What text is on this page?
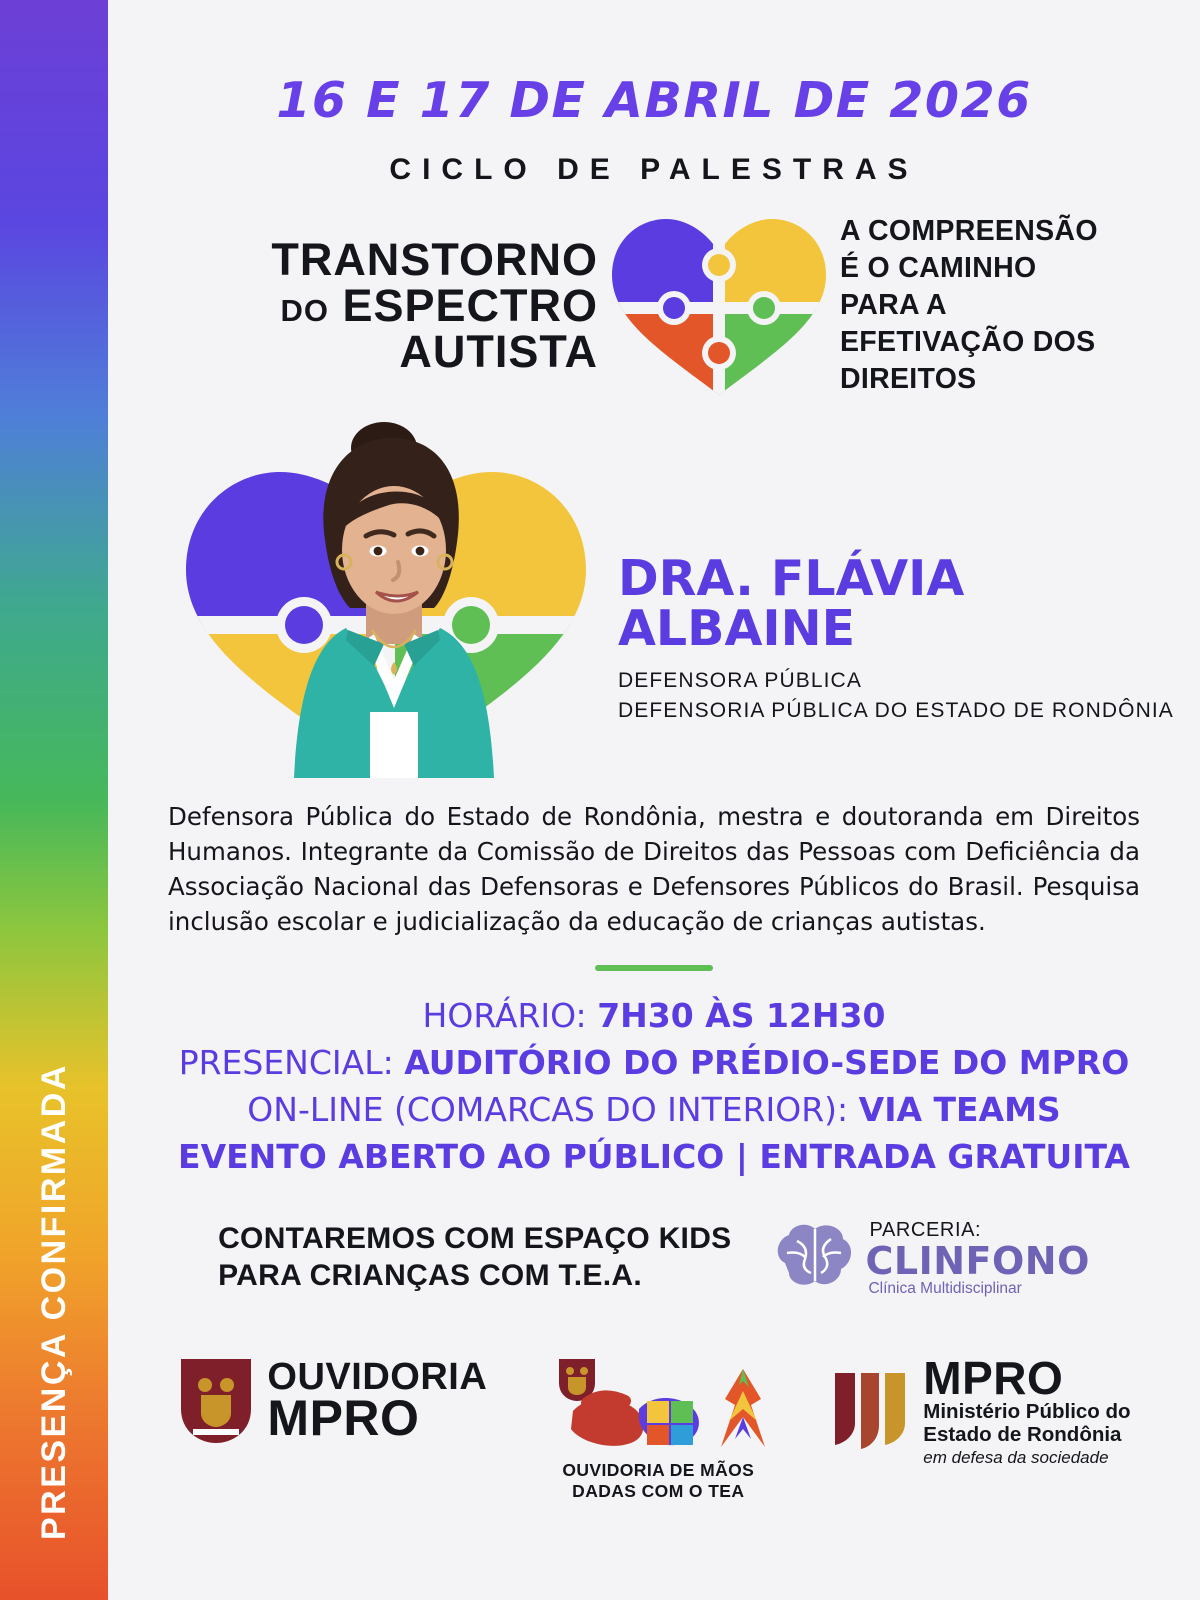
PRESENÇA CONFIRMADA
16 E 17 DE ABRIL DE 2026
CICLO DE PALESTRAS
TRANSTORNO
DO ESPECTRO
AUTISTA
A COMPREENSÃO É O CAMINHO PARA A EFETIVAÇÃO DOS DIREITOS
DRA. FLÁVIA
ALBAINE
DEFENSORA PÚBLICA
DEFENSORIA PÚBLICA DO ESTADO DE RONDÔNIA
Defensora Pública do Estado de Rondônia, mestra e doutoranda em Direitos Humanos. Integrante da Comissão de Direitos das Pessoas com Deficiência da Associação Nacional das Defensoras e Defensores Públicos do Brasil. Pesquisa inclusão escolar e judicialização da educação de crianças autistas.
HORÁRIO: 7H30 ÀS 12H30
PRESENCIAL: AUDITÓRIO DO PRÉDIO-SEDE DO MPRO
ON-LINE (COMARCAS DO INTERIOR): VIA TEAMS
EVENTO ABERTO AO PÚBLICO | ENTRADA GRATUITA
CONTAREMOS COM ESPAÇO KIDS
PARA CRIANÇAS COM T.E.A.
PARCERIA:
CLINFONO
Clínica Multidisciplinar
OUVIDORIA
MPRO
OUVIDORIA DE MÃOS
DADAS COM O TEA
MPRO
Ministério Público do
Estado de Rondônia
em defesa da sociedade
